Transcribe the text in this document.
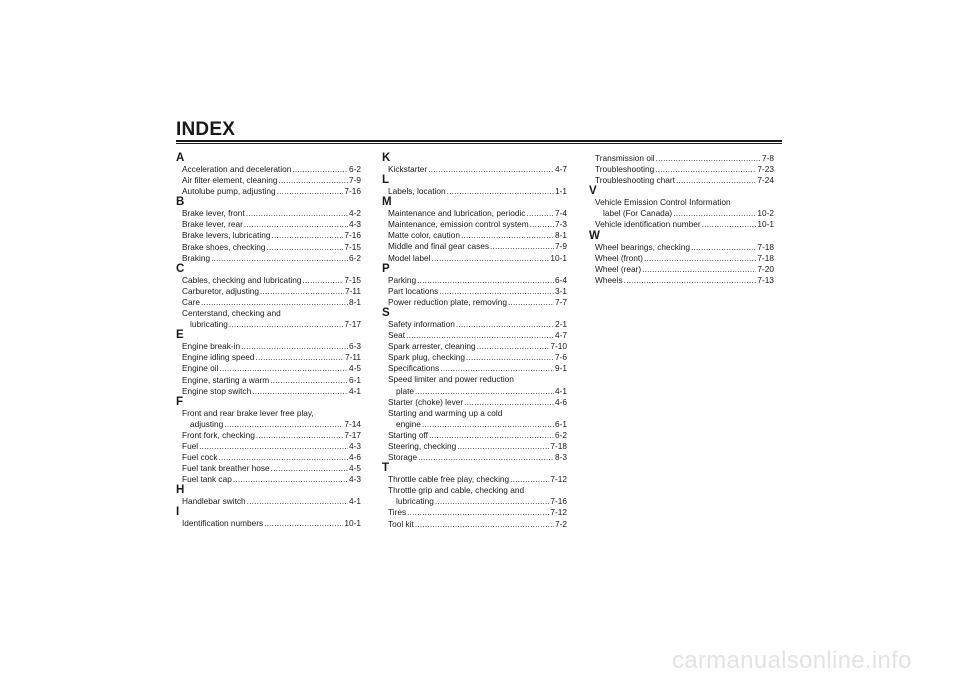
INDEX
A
Acceleration and deceleration .....	6-2
Air filter element, cleaning .....	7-9
Autolube pump, adjusting .....	7-16
B
Brake lever, front .....	4-2
Brake lever, rear .....	4-3
Brake levers, lubricating .....	7-16
Brake shoes, checking .....	7-15
Braking .....	6-2
C
Cables, checking and lubricating .....	7-15
Carburetor, adjusting .....	7-11
Care .....	8-1
Centerstand, checking and
lubricating .....	7-17
E
Engine break-in .....	6-3
Engine idling speed .....	7-11
Engine oil .....	4-5
Engine, starting a warm .....	6-1
Engine stop switch .....	4-1
F
Front and rear brake lever free play,
adjusting .....	7-14
Front fork, checking .....	7-17
Fuel .....	4-3
Fuel cock .....	4-6
Fuel tank breather hose .....	4-5
Fuel tank cap .....	4-3
H
Handlebar switch .....	4-1
I
Identification numbers .....	10-1
K
Kickstarter .....	4-7
L
Labels, location .....	1-1
M
Maintenance and lubrication, periodic .....	7-4
Maintenance, emission control system .....	7-3
Matte color, caution .....	8-1
Middle and final gear cases .....	7-9
Model label .....	10-1
P
Parking .....	6-4
Part locations .....	3-1
Power reduction plate, removing .....	7-7
S
Safety information .....	2-1
Seat .....	4-7
Spark arrester, cleaning .....	7-10
Spark plug, checking .....	7-6
Specifications .....	9-1
Speed limiter and power reduction
plate .....	4-1
Starter (choke) lever .....	4-6
Starting and warming up a cold
engine .....	6-1
Starting off .....	6-2
Steering, checking .....	7-18
Storage .....	8-3
T
Throttle cable free play, checking .....	7-12
Throttle grip and cable, checking and
lubricating .....	7-16
Tires .....	7-12
Tool kit .....	7-2
Transmission oil .....	7-8
Troubleshooting .....	7-23
Troubleshooting chart .....	7-24
V
Vehicle Emission Control Information
label (For Canada) .....	10-2
Vehicle identification number .....	10-1
W
Wheel bearings, checking .....	7-18
Wheel (front) .....	7-18
Wheel (rear) .....	7-20
Wheels .....	7-13
carmanualsonline.info
